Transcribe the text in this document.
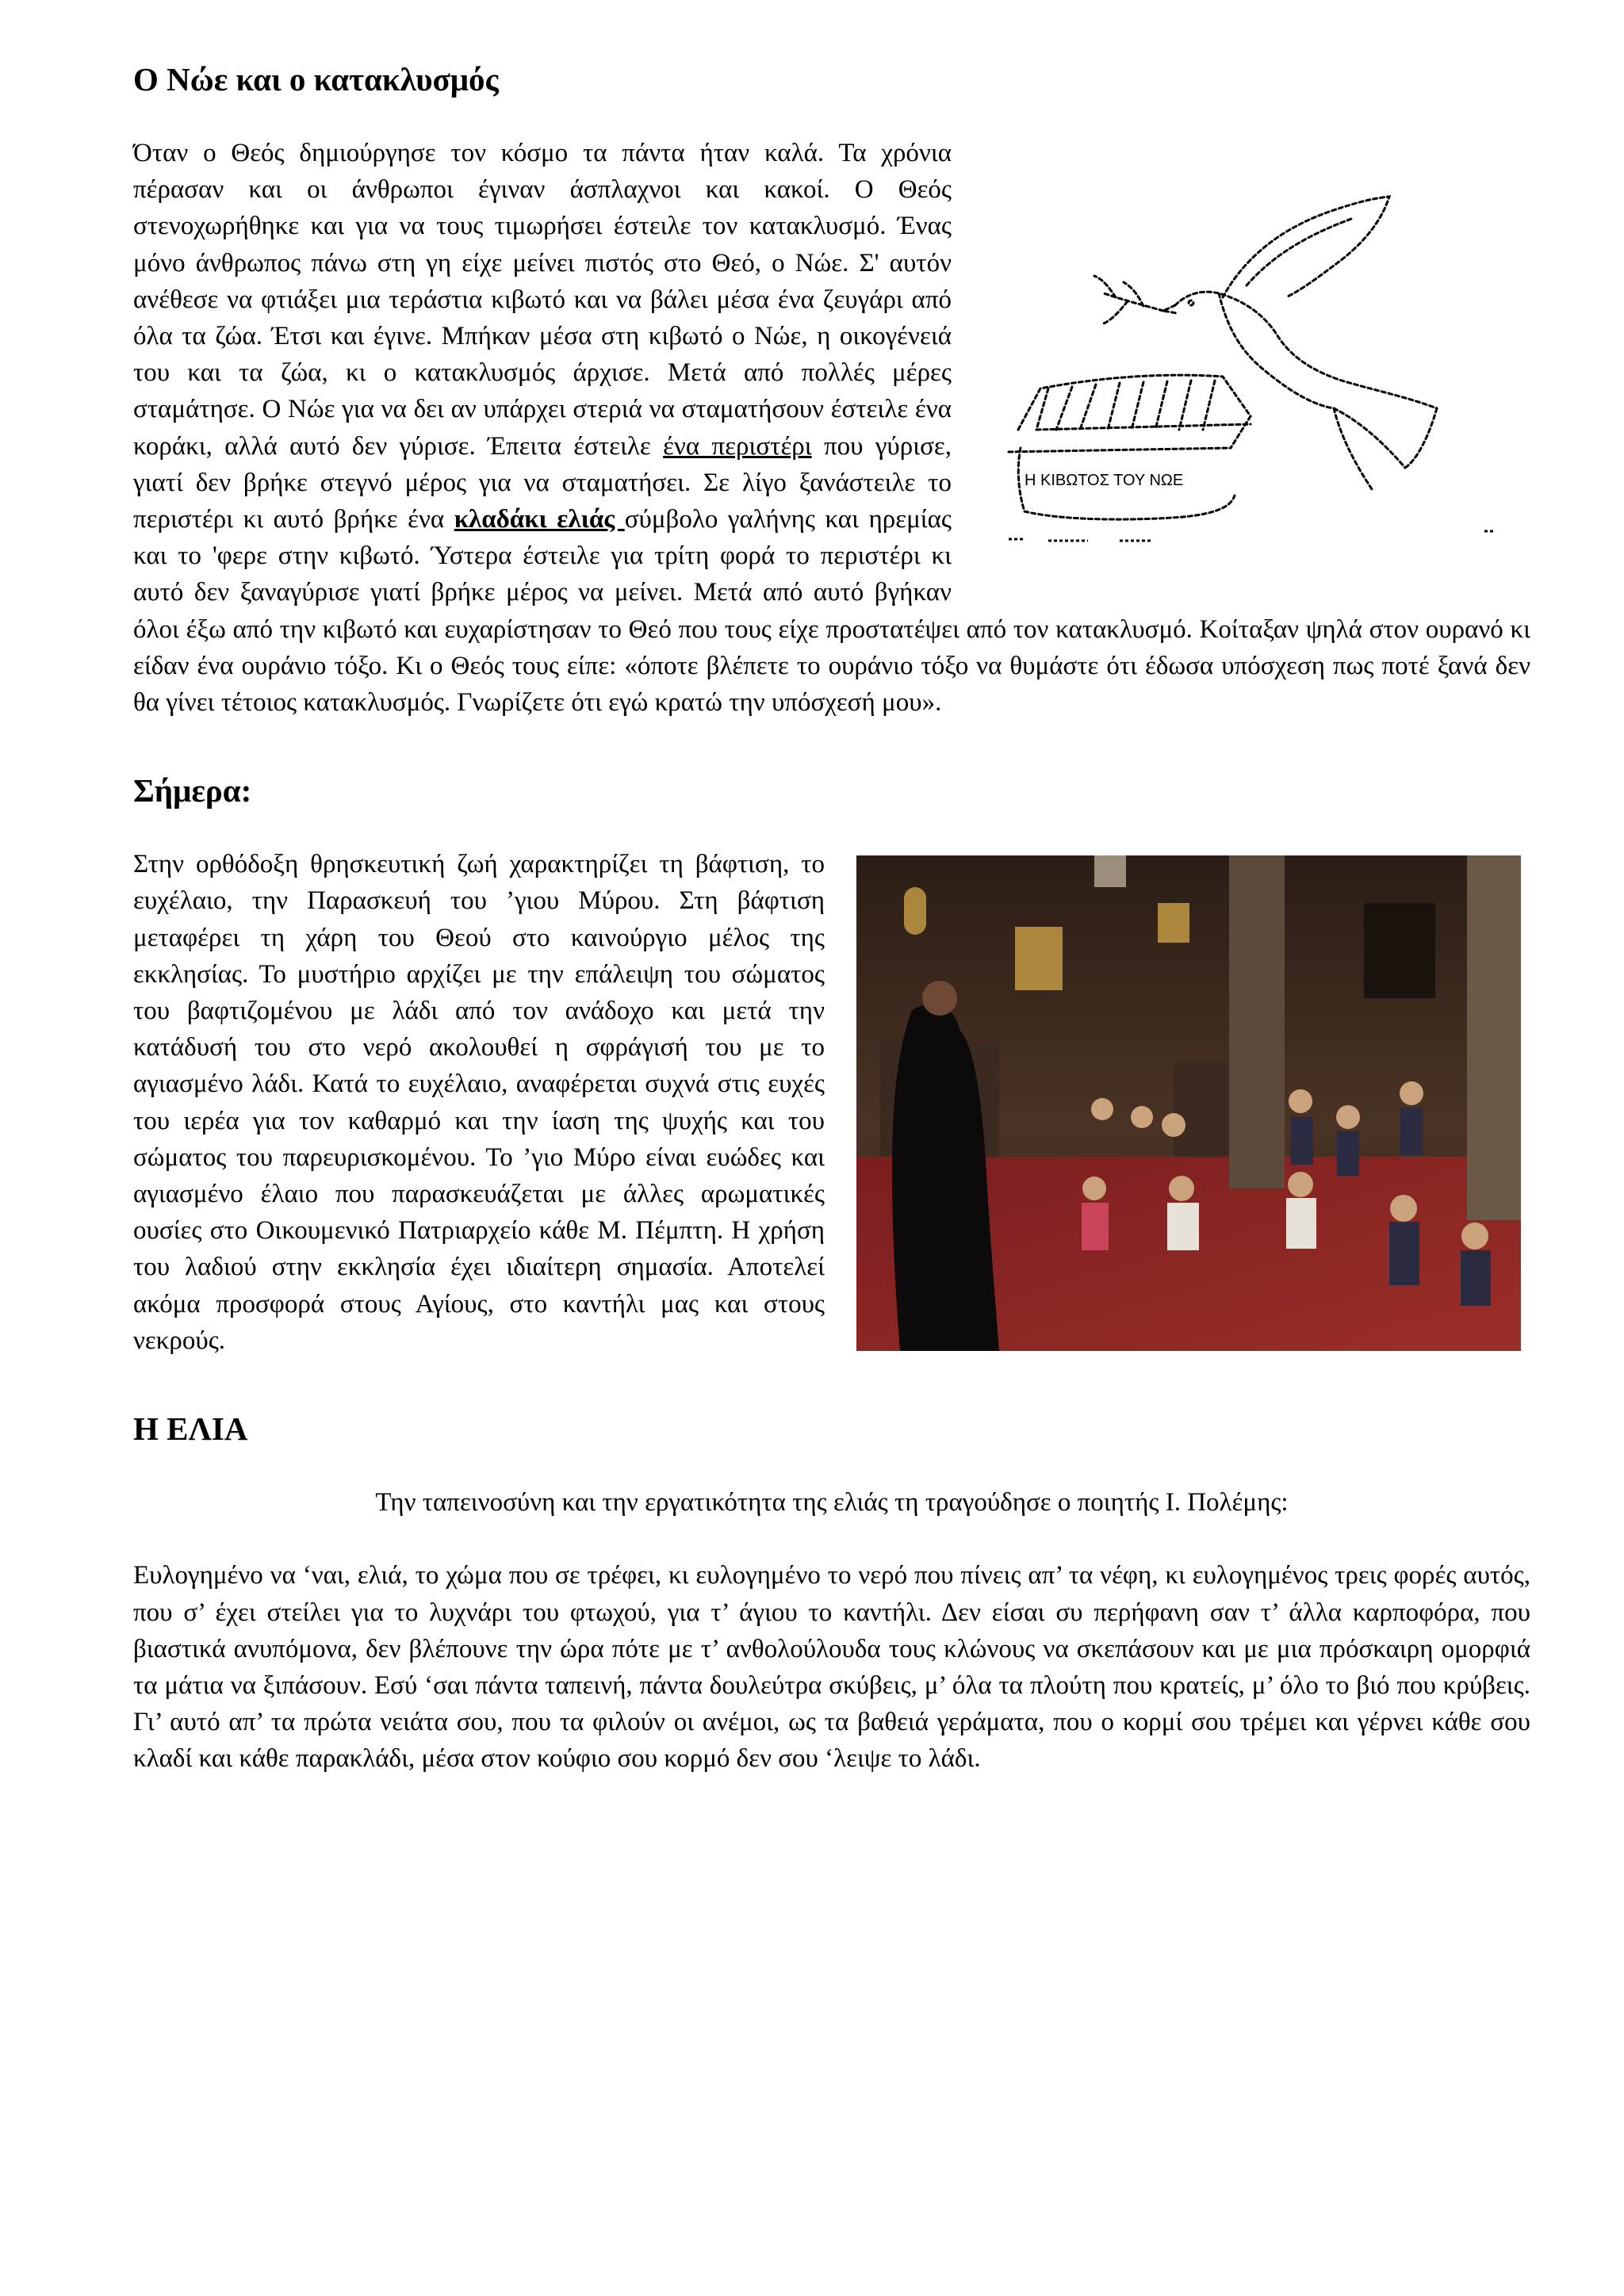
Ο Νώε και ο κατακλυσμός
Η ΚΙΒΩΤΟΣ ΤΟΥ ΝΩΕ

Όταν ο Θεός δημιούργησε τον κόσμο τα πάντα ήταν καλά. Τα χρόνια πέρασαν και οι άνθρωποι έγιναν άσπλαχνοι και κακοί. Ο Θεός στενοχωρήθηκε και για να τους τιμωρήσει έστειλε τον κατακλυσμό. Ένας μόνο άνθρωπος πάνω στη γη είχε μείνει πιστός στο Θεό, ο Νώε. Σ' αυτόν ανέθεσε να φτιάξει μια τεράστια κιβωτό και να βάλει μέσα ένα ζευγάρι από όλα τα ζώα. Έτσι και έγινε. Μπήκαν μέσα στη κιβωτό ο Νώε, η οικογένειά του και τα ζώα, κι ο κατακλυσμός άρχισε. Μετά από πολλές μέρες σταμάτησε. Ο Νώε για να δει αν υπάρχει στεριά να σταματήσουν έστειλε ένα κοράκι, αλλά αυτό δεν γύρισε. Έπειτα έστειλε ένα περιστέρι που γύρισε, γιατί δεν βρήκε στεγνό μέρος για να σταματήσει. Σε λίγο ξανάστειλε το περιστέρι κι αυτό βρήκε ένα κλαδάκι ελιάς σύμβολο γαλήνης και ηρεμίας και το 'φερε στην κιβωτό. Ύστερα έστειλε για τρίτη φορά το περιστέρι κι αυτό δεν ξαναγύρισε γιατί βρήκε μέρος να μείνει. Μετά από αυτό βγήκαν όλοι έξω από την κιβωτό και ευχαρίστησαν το Θεό που τους είχε προστατέψει από τον κατακλυσμό. Κοίταξαν ψηλά στον ουρανό κι είδαν ένα ουράνιο τόξο. Κι ο Θεός τους είπε: «όποτε βλέπετε το ουράνιο τόξο να θυμάστε ότι έδωσα υπόσχεση πως ποτέ ξανά δεν θα γίνει τέτοιος κατακλυσμός. Γνωρίζετε ότι εγώ κρατώ την υπόσχεσή μου».

Σήμερα:

Στην ορθόδοξη θρησκευτική ζωή χαρακτηρίζει τη βάφτιση, το ευχέλαιο, την Παρασκευή του ’γιου Μύρου. Στη βάφτιση μεταφέρει τη χάρη του Θεού στο καινούργιο μέλος της εκκλησίας. Το μυστήριο αρχίζει με την επάλειψη του σώματος του βαφτιζομένου με λάδι από τον ανάδοχο και μετά την κατάδυσή του στο νερό ακολουθεί η σφράγισή του με το αγιασμένο λάδι. Κατά το ευχέλαιο, αναφέρεται συχνά στις ευχές του ιερέα για τον καθαρμό και την ίαση της ψυχής και του σώματος του παρευρισκομένου. Το ’γιο Μύρο είναι ευώδες και αγιασμένο έλαιο που παρασκευάζεται με άλλες αρωματικές ουσίες στο Οικουμενικό Πατριαρχείο κάθε Μ. Πέμπτη. Η χρήση του λαδιού στην εκκλησία έχει ιδιαίτερη σημασία. Αποτελεί ακόμα προσφορά στους Αγίους, στο καντήλι μας και στους νεκρούς.

Η ΕΛΙΑ

Την ταπεινοσύνη και την εργατικότητα της ελιάς τη τραγούδησε ο ποιητής Ι. Πολέμης:

Ευλογημένο να ‘ναι, ελιά, το χώμα που σε τρέφει, κι ευλογημένο το νερό που πίνεις απ’ τα νέφη, κι ευλογημένος τρεις φορές αυτός, που σ’ έχει στείλει για το λυχνάρι του φτωχού, για τ’ άγιου το καντήλι. Δεν είσαι συ περήφανη σαν τ’ άλλα καρποφόρα, που βιαστικά ανυπόμονα, δεν βλέπουνε την ώρα πότε με τ’ ανθολούλουδα τους κλώνους να σκεπάσουν και με μια πρόσκαιρη ομορφιά τα μάτια να ξιπάσουν. Εσύ ‘σαι πάντα ταπεινή, πάντα δουλεύτρα σκύβεις, μ’ όλα τα πλούτη που κρατείς, μ’ όλο το βιό που κρύβεις. Γι’ αυτό απ’ τα πρώτα νειάτα σου, που τα φιλούν οι ανέμοι, ως τα βαθειά γεράματα, που ο κορμί σου τρέμει και γέρνει κάθε σου κλαδί και κάθε παρακλάδι, μέσα στον κούφιο σου κορμό δεν σου ‘λειψε το λάδι.
